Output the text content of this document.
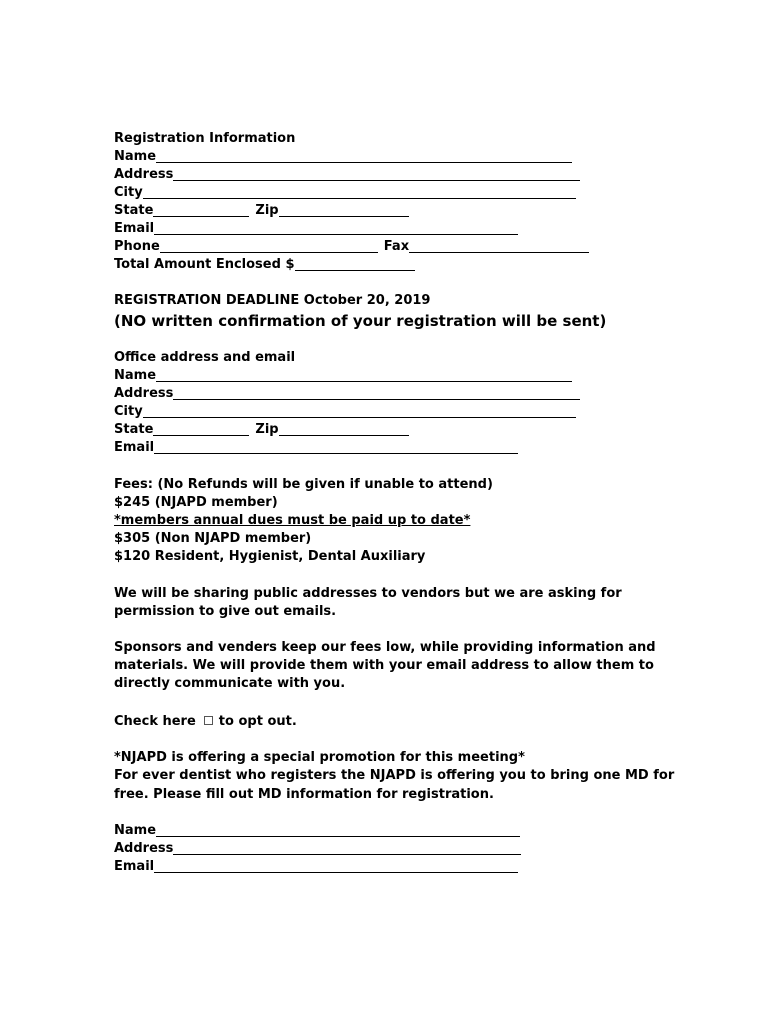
Registration Information
Name
Address
City
State	Zip
Email
Phone	Fax
Total Amount Enclosed $
REGISTRATION DEADLINE October 20, 2019
(NO written confirmation of your registration will be sent)
Office address and email
Name
Address
City
State	Zip
Email
Fees: (No Refunds will be given if unable to attend)
$245 (NJAPD member)
*members annual dues must be paid up to date*
$305 (Non NJAPD member)
$120 Resident, Hygienist, Dental Auxiliary
We will be sharing public addresses to vendors but we are asking for
permission to give out emails.
Sponsors and venders keep our fees low, while providing information and
materials. We will provide them with your email address to allow them to
directly communicate with you.
Check here to opt out.
*NJAPD is offering a special promotion for this meeting*
For ever dentist who registers the NJAPD is offering you to bring one MD for
free. Please fill out MD information for registration.
Name
Address
Email
